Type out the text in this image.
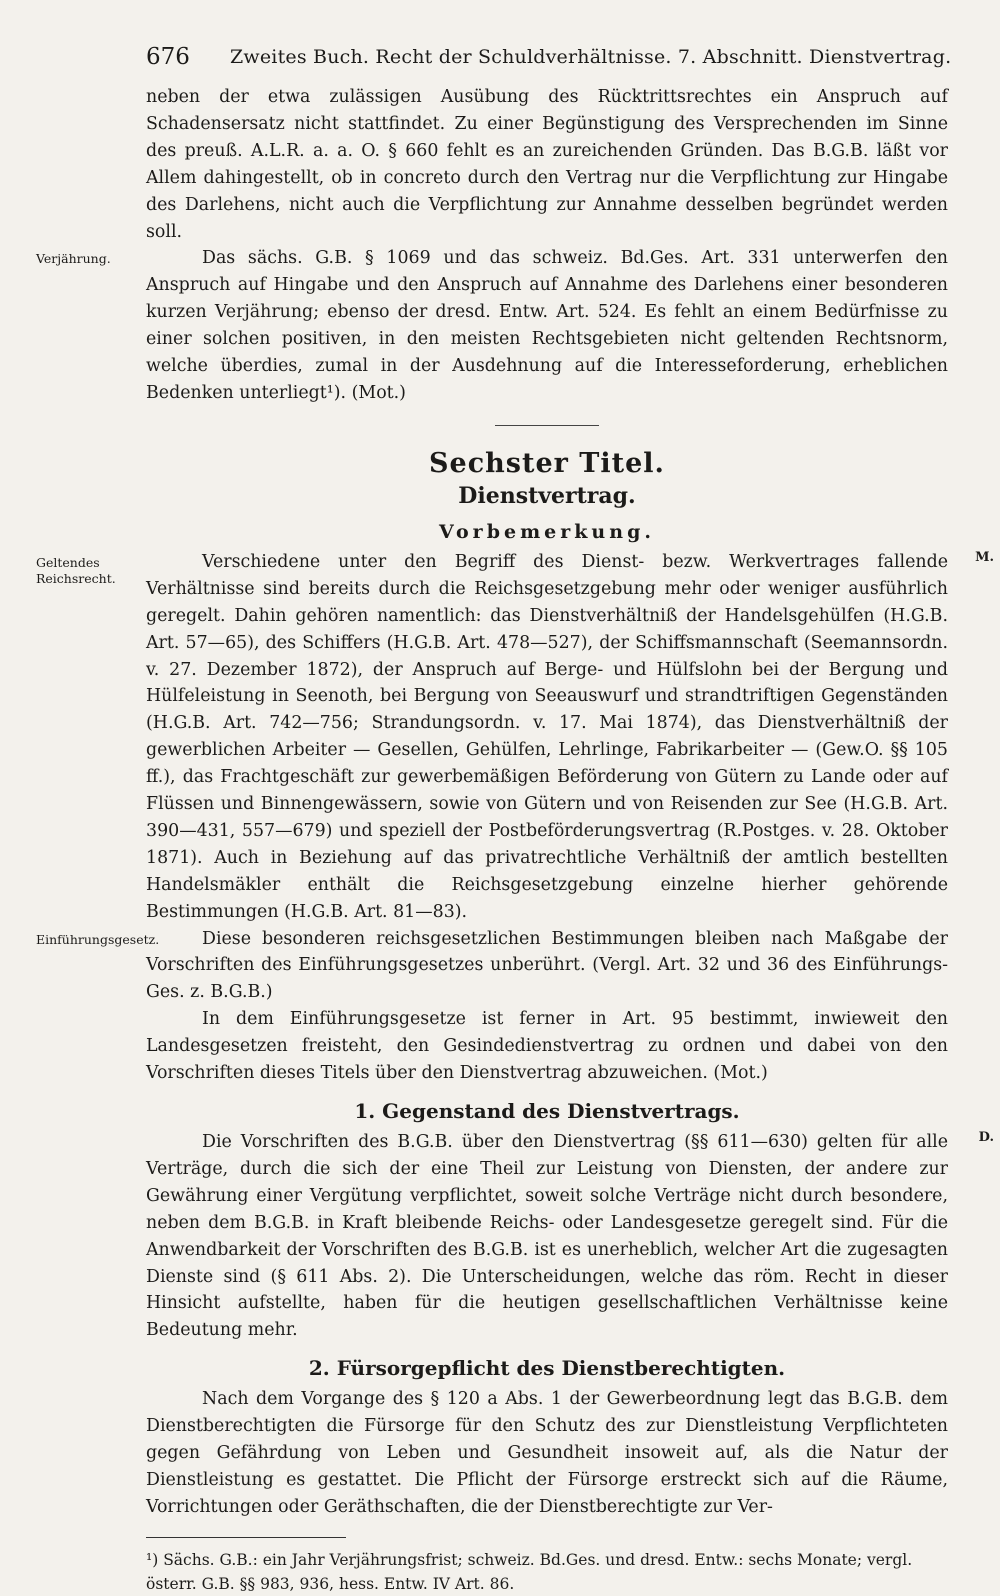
676 Zweites Buch. Recht der Schuldverhältnisse. 7. Abschnitt. Dienstvertrag.

neben der etwa zulässigen Ausübung des Rücktrittsrechtes ein Anspruch auf Schadensersatz nicht stattfindet. Zu einer Begünstigung des Versprechenden im Sinne des preuß. A.L.R. a. a. O. § 660 fehlt es an zureichenden Gründen. Das B.G.B. läßt vor Allem dahingestellt, ob in concreto durch den Vertrag nur die Verpflichtung zur Hingabe des Darlehens, nicht auch die Verpflichtung zur Annahme desselben begründet werden soll.

Verjährung.	Das sächs. G.B. § 1069 und das schweiz. Bd.Ges. Art. 331 unterwerfen den Anspruch auf Hingabe und den Anspruch auf Annahme des Darlehens einer besonderen kurzen Verjährung; ebenso der dresd. Entw. Art. 524. Es fehlt an einem Bedürfnisse zu einer solchen positiven, in den meisten Rechtsgebieten nicht geltenden Rechtsnorm, welche überdies, zumal in der Ausdehnung auf die Interesseforderung, erheblichen Bedenken unterliegt¹). (Mot.)

Sechster Titel.
Dienstvertrag.
Vorbemerkung.

Geltendes Reichsrecht.
M.
Verschiedene unter den Begriff des Dienst- bezw. Werkvertrages fallende Verhältnisse sind bereits durch die Reichsgesetzgebung mehr oder weniger ausführlich geregelt. Dahin gehören namentlich: das Dienstverhältniß der Handelsgehülfen (H.G.B. Art. 57—65), des Schiffers (H.G.B. Art. 478—527), der Schiffsmannschaft (Seemannsordn. v. 27. Dezember 1872), der Anspruch auf Berge- und Hülfslohn bei der Bergung und Hülfeleistung in Seenoth, bei Bergung von Seeauswurf und strandtriftigen Gegenständen (H.G.B. Art. 742—756; Strandungsordn. v. 17. Mai 1874), das Dienstverhältniß der gewerblichen Arbeiter — Gesellen, Gehülfen, Lehrlinge, Fabrikarbeiter — (Gew.O. §§ 105 ff.), das Frachtgeschäft zur gewerbemäßigen Beförderung von Gütern zu Lande oder auf Flüssen und Binnengewässern, sowie von Gütern und von Reisenden zur See (H.G.B. Art. 390—431, 557—679) und speziell der Postbeförderungsvertrag (R.Postges. v. 28. Oktober 1871). Auch in Beziehung auf das privatrechtliche Verhältniß der amtlich bestellten Handelsmäkler enthält die Reichsgesetzgebung einzelne hierher gehörende Bestimmungen (H.G.B. Art. 81—83).

Einführungsgesetz. Diese besonderen reichsgesetzlichen Bestimmungen bleiben nach Maßgabe der Vorschriften des Einführungsgesetzes unberührt. (Vergl. Art. 32 und 36 des Einführungs-Ges. z. B.G.B.)

In dem Einführungsgesetze ist ferner in Art. 95 bestimmt, inwieweit den Landesgesetzen freisteht, den Gesindedienstvertrag zu ordnen und dabei von den Vorschriften dieses Titels über den Dienstvertrag abzuweichen. (Mot.)

1. Gegenstand des Dienstvertrags.

D.
Die Vorschriften des B.G.B. über den Dienstvertrag (§§ 611—630) gelten für alle Verträge, durch die sich der eine Theil zur Leistung von Diensten, der andere zur Gewährung einer Vergütung verpflichtet, soweit solche Verträge nicht durch besondere, neben dem B.G.B. in Kraft bleibende Reichs- oder Landesgesetze geregelt sind. Für die Anwendbarkeit der Vorschriften des B.G.B. ist es unerheblich, welcher Art die zugesagten Dienste sind (§ 611 Abs. 2). Die Unterscheidungen, welche das röm. Recht in dieser Hinsicht aufstellte, haben für die heutigen gesellschaftlichen Verhältnisse keine Bedeutung mehr.

2. Fürsorgepflicht des Dienstberechtigten.

Nach dem Vorgange des § 120 a Abs. 1 der Gewerbeordnung legt das B.G.B. dem Dienstberechtigten die Fürsorge für den Schutz des zur Dienstleistung Verpflichteten gegen Gefährdung von Leben und Gesundheit insoweit auf, als die Natur der Dienstleistung es gestattet. Die Pflicht der Fürsorge erstreckt sich auf die Räume, Vorrichtungen oder Geräthschaften, die der Dienstberechtigte zur Ver-

¹) Sächs. G.B.: ein Jahr Verjährungsfrist; schweiz. Bd.Ges. und dresd. Entw.: sechs Monate; vergl. österr. G.B. §§ 983, 936, hess. Entw. IV Art. 86.
